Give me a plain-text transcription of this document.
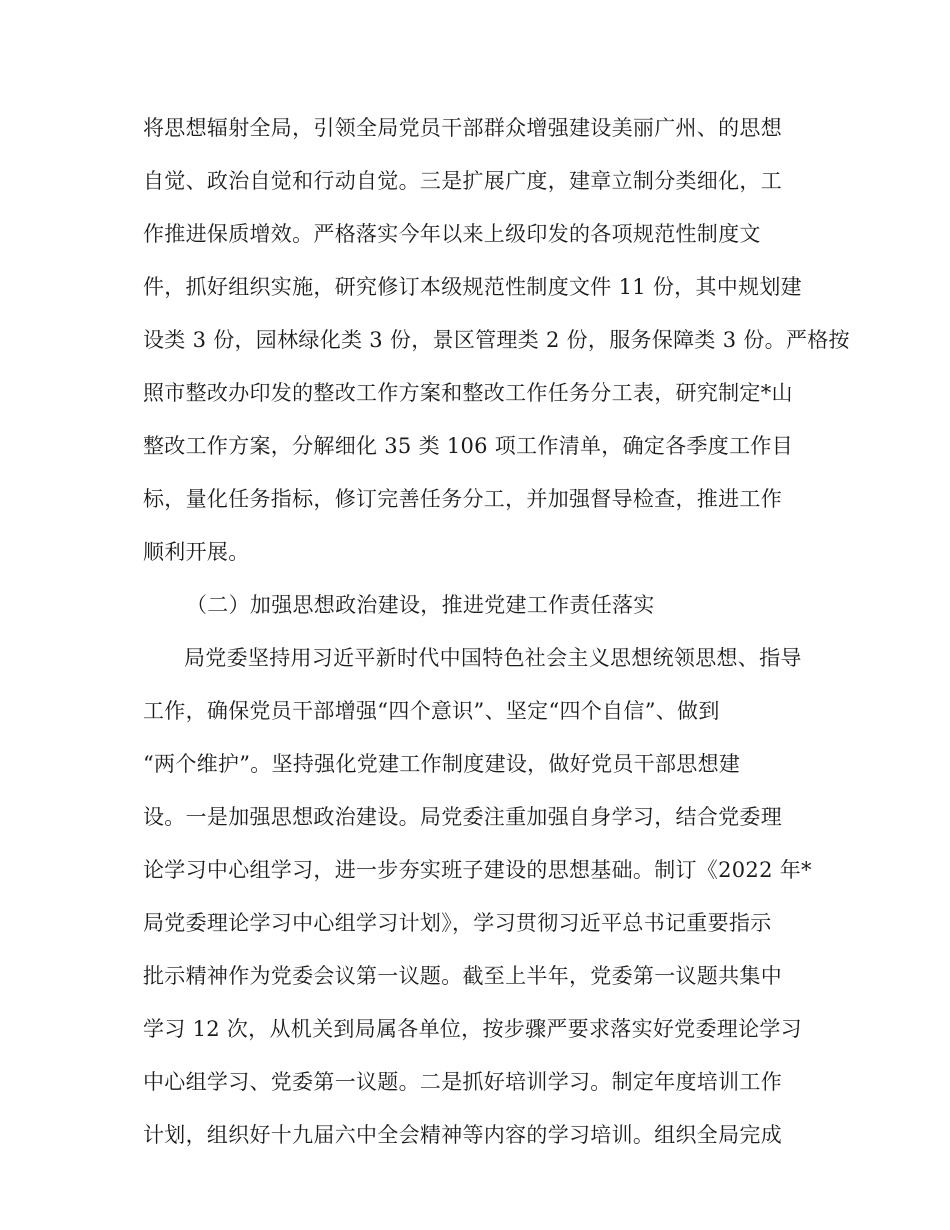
将思想辐射全局，引领全局党员干部群众增强建设美丽广州、的思想
自觉、政治自觉和行动自觉。三是扩展广度，建章立制分类细化，工
作推进保质增效。严格落实今年以来上级印发的各项规范性制度文
件，抓好组织实施，研究修订本级规范性制度文件 11 份，其中规划建
设类 3 份，园林绿化类 3 份，景区管理类 2 份，服务保障类 3 份。严格按
照市整改办印发的整改工作方案和整改工作任务分工表，研究制定*山
整改工作方案，分解细化 35 类 106 项工作清单，确定各季度工作目
标，量化任务指标，修订完善任务分工，并加强督导检查，推进工作
顺利开展。
（二）加强思想政治建设，推进党建工作责任落实
局党委坚持用习近平新时代中国特色社会主义思想统领思想、指导
工作，确保党员干部增强“四个意识”、坚定“四个自信”、做到
“两个维护”。坚持强化党建工作制度建设，做好党员干部思想建
设。一是加强思想政治建设。局党委注重加强自身学习，结合党委理
论学习中心组学习，进一步夯实班子建设的思想基础。制订《2022 年*
局党委理论学习中心组学习计划》，学习贯彻习近平总书记重要指示
批示精神作为党委会议第一议题。截至上半年，党委第一议题共集中
学习 12 次，从机关到局属各单位，按步骤严要求落实好党委理论学习
中心组学习、党委第一议题。二是抓好培训学习。制定年度培训工作
计划，组织好十九届六中全会精神等内容的学习培训。组织全局完成
